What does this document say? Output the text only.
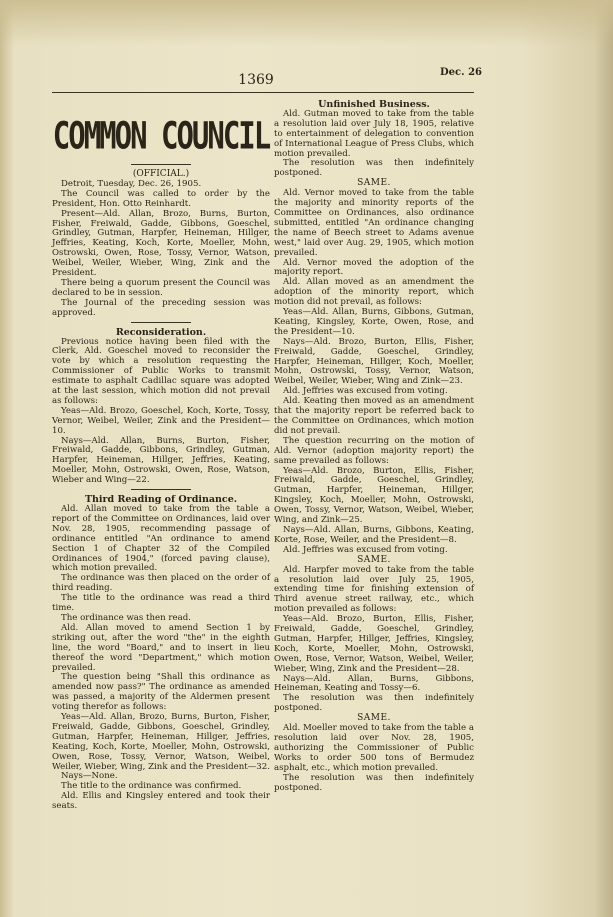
1369	Dec. 26
COMMON COUNCIL

(OFFICIAL.)

Detroit, Tuesday, Dec. 26, 1905.

The Council was called to order by the President, Hon. Otto Reinhardt.

Present—Ald. Allan, Brozo, Burns, Burton, Fisher, Freiwald, Gadde, Gibbons, Goeschel, Grindley, Gutman, Harpfer, Heineman, Hillger, Jeffries, Keating, Koch, Korte, Moeller, Mohn, Ostrowski, Owen, Rose, Tossy, Vernor, Watson, Weibel, Weiler, Wieber, Wing, Zink and the President.

There being a quorum present the Council was declared to be in session.

The Journal of the preceding session was approved.

Reconsideration.

Previous notice having been filed with the Clerk, Ald. Goeschel moved to reconsider the vote by which a resolution requesting the Commissioner of Public Works to transmit estimate to asphalt Cadillac square was adopted at the last session, which motion did not prevail as follows:

Yeas—Ald. Brozo, Goeschel, Koch, Korte, Tossy, Vernor, Weibel, Weiler, Zink and the President—10.

Nays—Ald. Allan, Burns, Burton, Fisher, Freiwald, Gadde, Gibbons, Grindley, Gutman, Harpfer, Heineman, Hillger, Jeffries, Keating, Moeller, Mohn, Ostrowski, Owen, Rose, Watson, Wieber and Wing—22.

Third Reading of Ordinance.

Ald. Allan moved to take from the table a report of the Committee on Ordinances, laid over Nov. 28, 1905, recommending passage of ordinance entitled "An ordinance to amend Section 1 of Chapter 32 of the Compiled Ordinances of 1904," (forced paving clause), which motion prevailed.

The ordinance was then placed on the order of third reading.

The title to the ordinance was read a third time.

The ordinance was then read.

Ald. Allan moved to amend Section 1 by striking out, after the word "the" in the eighth line, the word "Board," and to insert in lieu thereof the word "Department," which motion prevailed.

The question being "Shall this ordinance as amended now pass?" The ordinance as amended was passed, a majority of the Aldermen present voting therefor as follows:

Yeas—Ald. Allan, Brozo, Burns, Burton, Fisher, Freiwald, Gadde, Gibbons, Goeschel, Grindley, Gutman, Harpfer, Heineman, Hillger, Jeffries, Keating, Koch, Korte, Moeller, Mohn, Ostrowski, Owen, Rose, Tossy, Vernor, Watson, Weibel, Weiler, Wieber, Wing, Zink and the President—32.

Nays—None.

The title to the ordinance was confirmed.

Ald. Ellis and Kingsley entered and took their seats.

Unfinished Business.

Ald. Gutman moved to take from the table a resolution laid over July 18, 1905, relative to entertainment of delegation to convention of International League of Press Clubs, which motion prevailed.

The resolution was then indefinitely postponed.

SAME.

Ald. Vernor moved to take from the table the majority and minority reports of the Committee on Ordinances, also ordinance submitted, entitled "An ordinance changing the name of Beech street to Adams avenue west," laid over Aug. 29, 1905, which motion prevailed.

Ald. Vernor moved the adoption of the majority report.

Ald. Allan moved as an amendment the adoption of the minority report, which motion did not prevail, as follows:

Yeas—Ald. Allan, Burns, Gibbons, Gutman, Keating, Kingsley, Korte, Owen, Rose, and the President—10.

Nays—Ald. Brozo, Burton, Ellis, Fisher, Freiwald, Gadde, Goeschel, Grindley, Harpfer, Heineman, Hillger, Koch, Moeller, Mohn, Ostrowski, Tossy, Vernor, Watson, Weibel, Weiler, Wieber, Wing and Zink—23.

Ald. Jeffries was excused from voting.

Ald. Keating then moved as an amendment that the majority report be referred back to the Committee on Ordinances, which motion did not prevail.

The question recurring on the motion of Ald. Vernor (adoption majority report) the same prevailed as follows:

Yeas—Ald. Brozo, Burton, Ellis, Fisher, Freiwald, Gadde, Goeschel, Grindley, Gutman, Harpfer, Heineman, Hillger, Kingsley, Koch, Moeller, Mohn, Ostrowski, Owen, Tossy, Vernor, Watson, Weibel, Wieber, Wing, and Zink—25.

Nays—Ald. Allan, Burns, Gibbons, Keating, Korte, Rose, Weiler, and the President—8.

Ald. Jeffries was excused from voting.

SAME.

Ald. Harpfer moved to take from the table a resolution laid over July 25, 1905, extending time for finishing extension of Third avenue street railway, etc., which motion prevailed as follows:

Yeas—Ald. Brozo, Burton, Ellis, Fisher, Freiwald, Gadde, Goeschel, Grindley, Gutman, Harpfer, Hillger, Jeffries, Kingsley, Koch, Korte, Moeller, Mohn, Ostrowski, Owen, Rose, Vernor, Watson, Weibel, Weiler, Wieber, Wing, Zink and the President—28.

Nays—Ald. Allan, Burns, Gibbons, Heineman, Keating and Tossy—6.

The resolution was then indefinitely postponed.

SAME.

Ald. Moeller moved to take from the table a resolution laid over Nov. 28, 1905, authorizing the Commissioner of Public Works to order 500 tons of Bermudez asphalt, etc., which motion prevailed.

The resolution was then indefinitely postponed.
